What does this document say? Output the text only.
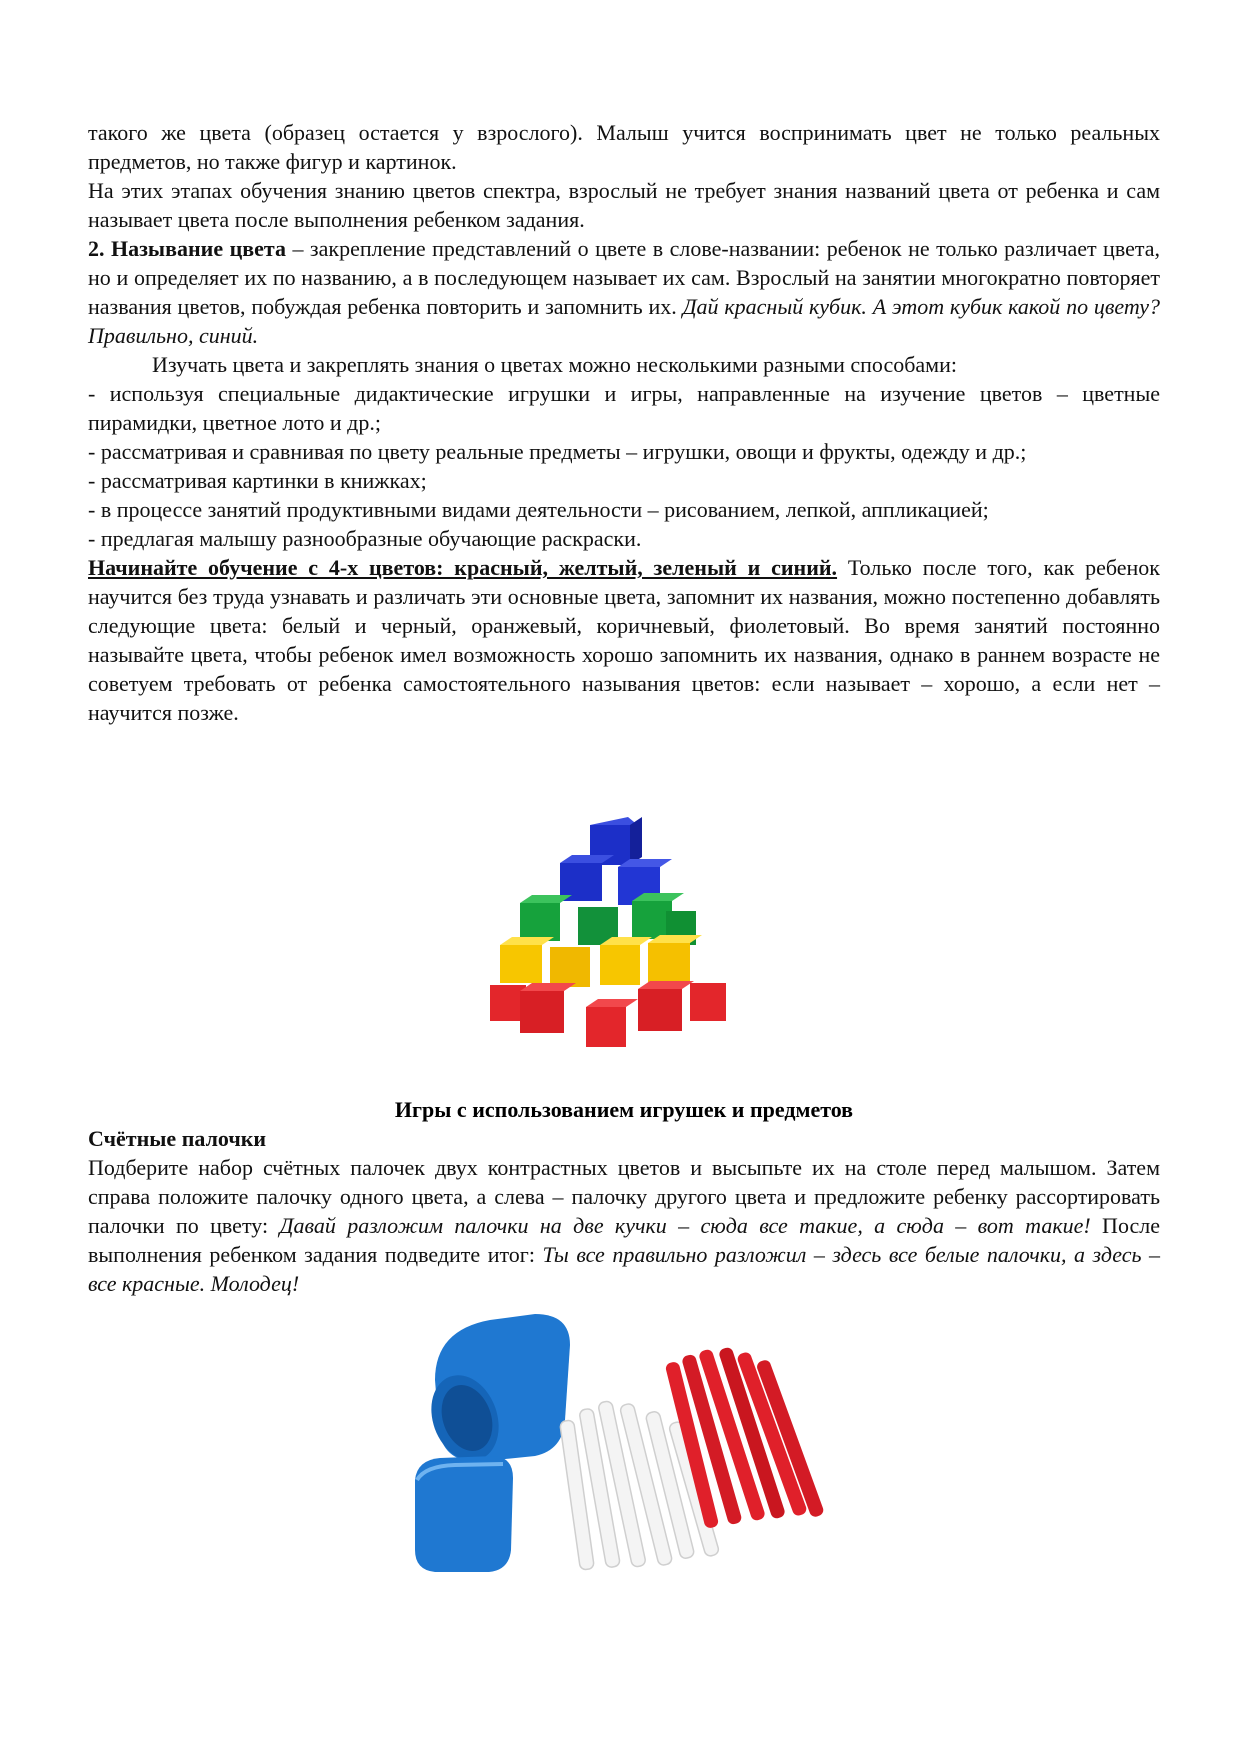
такого же цвета (образец остается у взрослого). Малыш учится воспринимать цвет не только реальных предметов, но также фигур и картинок.

На этих этапах обучения знанию цветов спектра, взрослый не требует знания названий цвета от ребенка и сам называет цвета после выполнения ребенком задания.

2. Называние цвета – закрепление представлений о цвете в слове-названии: ребенок не только различает цвета, но и определяет их по названию, а в последующем называет их сам. Взрослый на занятии многократно повторяет названия цветов, побуждая ребенка повторить и запомнить их. Дай красный кубик. А этот кубик какой по цвету? Правильно, синий.

Изучать цвета и закреплять знания о цветах можно несколькими разными способами:

- используя специальные дидактические игрушки и игры, направленные на изучение цветов – цветные пирамидки, цветное лото и др.;

- рассматривая и сравнивая по цвету реальные предметы – игрушки, овощи и фрукты, одежду и др.;

- рассматривая картинки в книжках;

- в процессе занятий продуктивными видами деятельности – рисованием, лепкой, аппликацией;

- предлагая малышу разнообразные обучающие раскраски.

Начинайте обучение с 4-х цветов: красный, желтый, зеленый и синий. Только после того, как ребенок научится без труда узнавать и различать эти основные цвета, запомнит их названия, можно постепенно добавлять следующие цвета: белый и черный, оранжевый, коричневый, фиолетовый. Во время занятий постоянно называйте цвета, чтобы ребенок имел возможность хорошо запомнить их названия, однако в раннем возрасте не советуем требовать от ребенка самостоятельного называния цветов: если называет – хорошо, а если нет – научится позже.

Игры с использованием игрушек и предметов
Счётные палочки

Подберите набор счётных палочек двух контрастных цветов и высыпьте их на столе перед малышом. Затем справа положите палочку одного цвета, а слева – палочку другого цвета и предложите ребенку рассортировать палочки по цвету: Давай разложим палочки на две кучки – сюда все такие, а сюда – вот такие! После выполнения ребенком задания подведите итог: Ты все правильно разложил – здесь все белые палочки, а здесь – все красные. Молодец!
